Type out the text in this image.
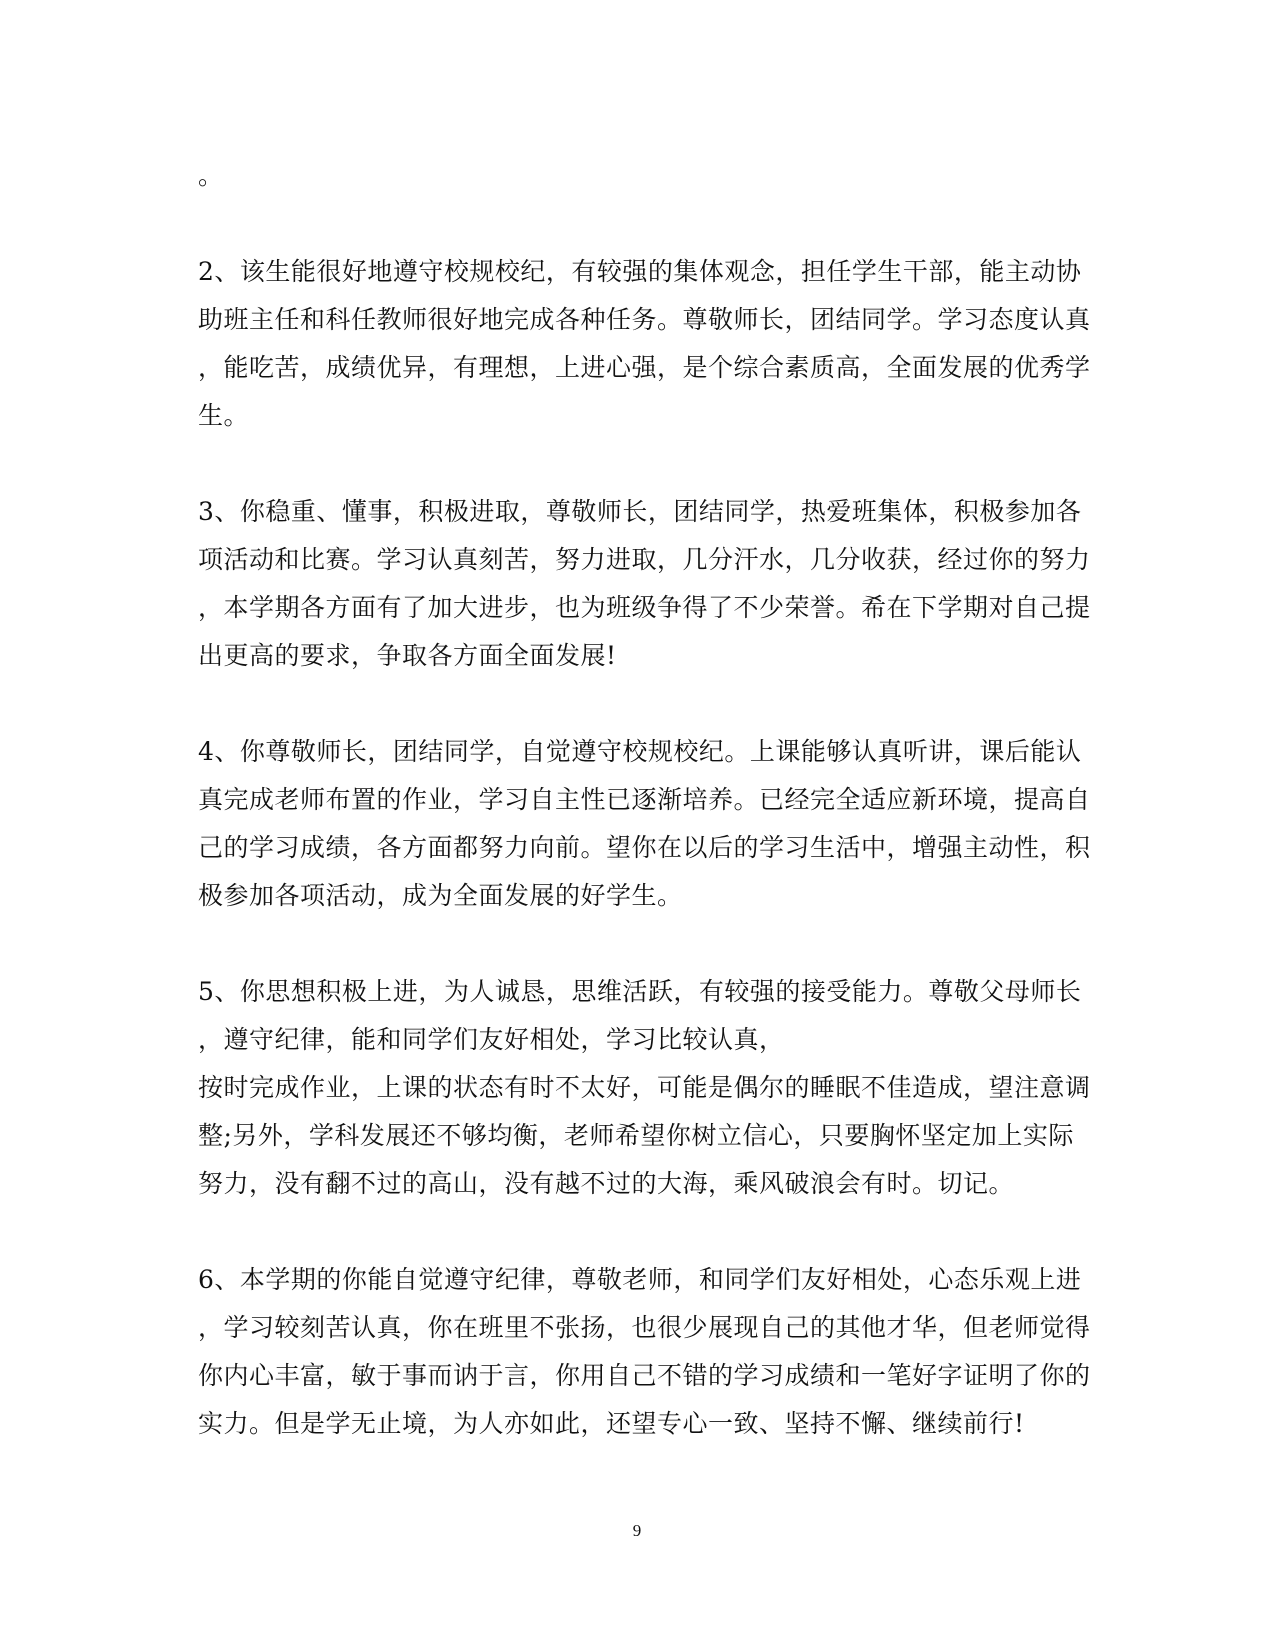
。
2、该生能很好地遵守校规校纪，有较强的集体观念，担任学生干部，能主动协
助班主任和科任教师很好地完成各种任务。尊敬师长，团结同学。学习态度认真
，能吃苦，成绩优异，有理想，上进心强，是个综合素质高，全面发展的优秀学
生。
3、你稳重、懂事，积极进取，尊敬师长，团结同学，热爱班集体，积极参加各
项活动和比赛。学习认真刻苦，努力进取，几分汗水，几分收获，经过你的努力
，本学期各方面有了加大进步，也为班级争得了不少荣誉。希在下学期对自己提
出更高的要求，争取各方面全面发展!
4、你尊敬师长，团结同学，自觉遵守校规校纪。上课能够认真听讲，课后能认
真完成老师布置的作业，学习自主性已逐渐培养。已经完全适应新环境，提高自
己的学习成绩，各方面都努力向前。望你在以后的学习生活中，增强主动性，积
极参加各项活动，成为全面发展的好学生。
5、你思想积极上进，为人诚恳，思维活跃，有较强的接受能力。尊敬父母师长
，遵守纪律，能和同学们友好相处，学习比较认真，
按时完成作业，上课的状态有时不太好，可能是偶尔的睡眠不佳造成，望注意调
整;另外，学科发展还不够均衡，老师希望你树立信心，只要胸怀坚定加上实际
努力，没有翻不过的高山，没有越不过的大海，乘风破浪会有时。切记。
6、本学期的你能自觉遵守纪律，尊敬老师，和同学们友好相处，心态乐观上进
，学习较刻苦认真，你在班里不张扬，也很少展现自己的其他才华，但老师觉得
你内心丰富，敏于事而讷于言，你用自己不错的学习成绩和一笔好字证明了你的
实力。但是学无止境，为人亦如此，还望专心一致、坚持不懈、继续前行!
9
